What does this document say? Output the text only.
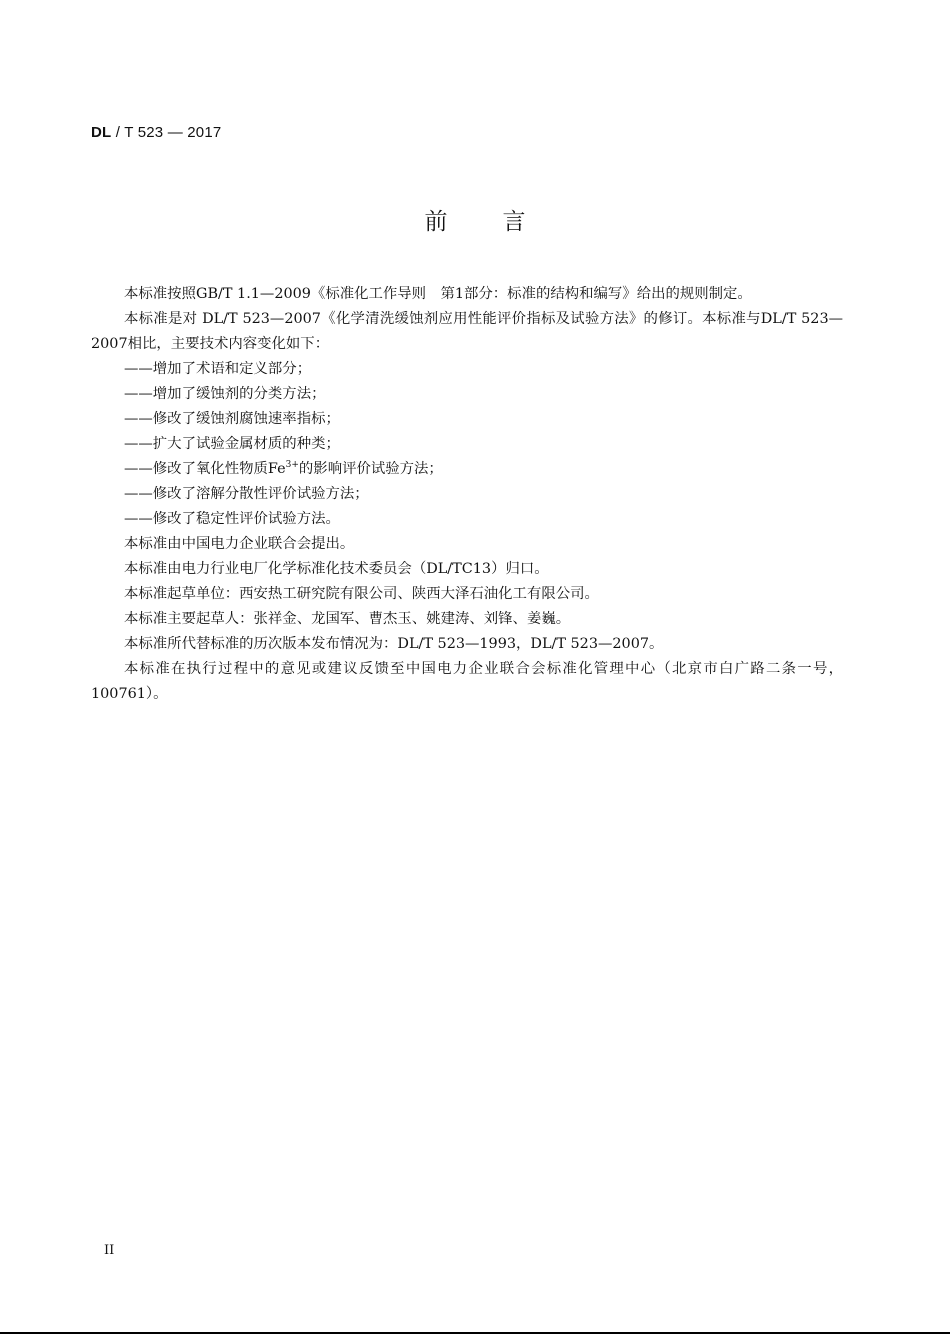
DL / T 523 — 2017
前言

本标准按照GB/T 1.1—2009《标准化工作导则　第1部分：标准的结构和编写》给出的规则制定。

本标准是对 DL/T 523—2007《化学清洗缓蚀剂应用性能评价指标及试验方法》的修订。本标准与DL/T 523—2007相比，主要技术内容变化如下：

——增加了术语和定义部分；

——增加了缓蚀剂的分类方法；

——修改了缓蚀剂腐蚀速率指标；

——扩大了试验金属材质的种类；

——修改了氧化性物质$Fe^{3+}$的影响评价试验方法；

——修改了溶解分散性评价试验方法；

——修改了稳定性评价试验方法。

本标准由中国电力企业联合会提出。

本标准由电力行业电厂化学标准化技术委员会（DL/TC13）归口。

本标准起草单位：西安热工研究院有限公司、陕西大泽石油化工有限公司。

本标准主要起草人：张祥金、龙国军、曹杰玉、姚建涛、刘锋、姜巍。

本标准所代替标准的历次版本发布情况为：DL/T 523—1993，DL/T 523—2007。

本标准在执行过程中的意见或建议反馈至中国电力企业联合会标准化管理中心（北京市白广路二条一号，100761）。

II
